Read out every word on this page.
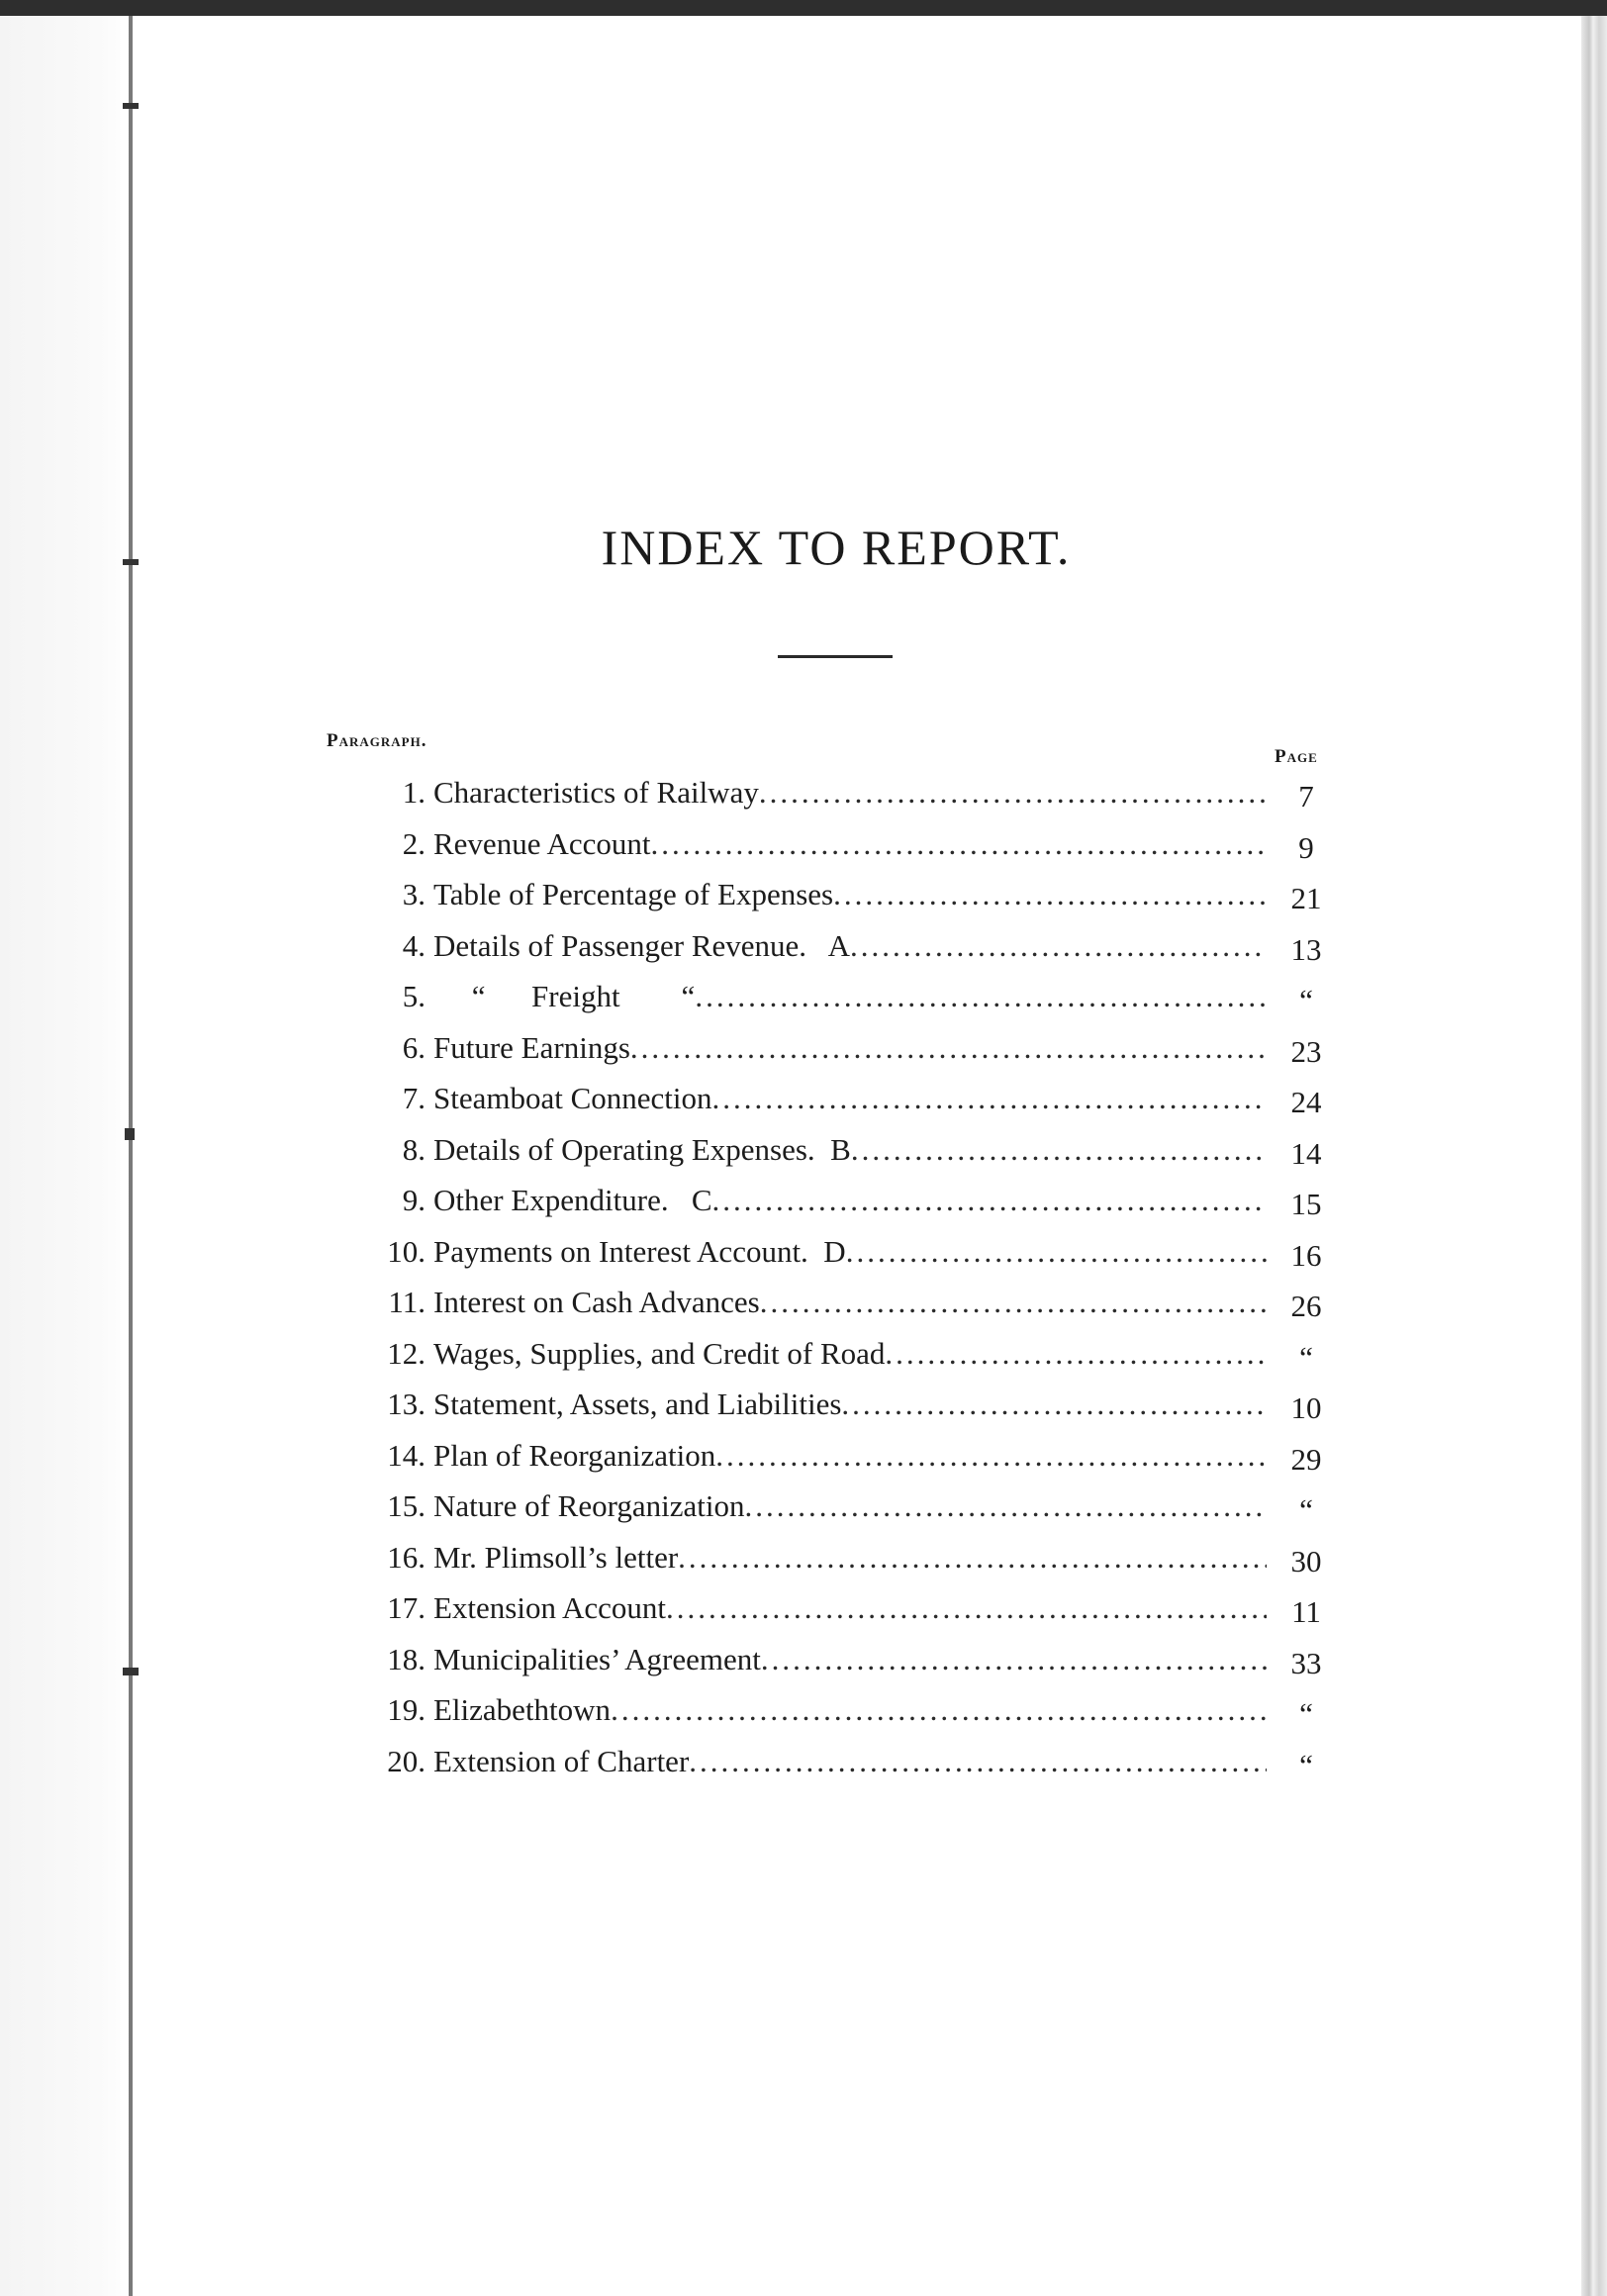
INDEX TO REPORT.
Paragraph.
Page
1. Characteristics of Railway .....	7
2. Revenue Account .....	9
3. Table of Percentage of Expenses .....	21
4. Details of Passenger Revenue.   A .....	13
5. “      Freight        “ .....	“
6. Future Earnings .....	23
7. Steamboat Connection .....	24
8. Details of Operating Expenses.  B .....	14
9. Other Expenditure.   C .....	15
10. Payments on Interest Account.  D .....	16
11. Interest on Cash Advances .....	26
12. Wages, Supplies, and Credit of Road .....	“
13. Statement, Assets, and Liabilities .....	10
14. Plan of Reorganization .....	29
15. Nature of Reorganization .....	“
16. Mr. Plimsoll’s letter .....	30
17. Extension Account .....	11
18. Municipalities’ Agreement .....	33
19. Elizabethtown .....	“
20. Extension of Charter .....	“
